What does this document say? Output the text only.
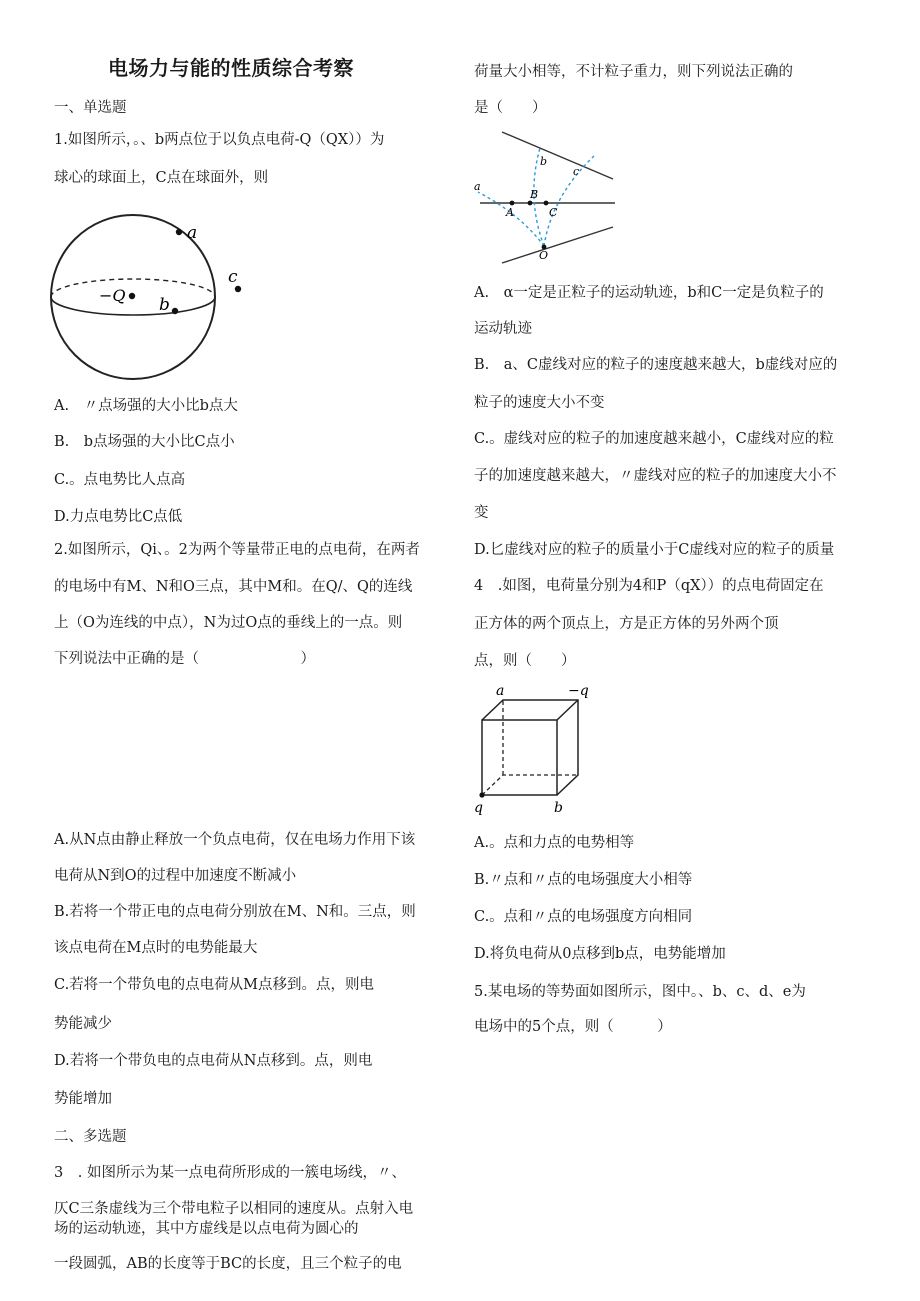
电场力与能的性质综合考察
一、单选题
1.如图所示，。、b两点位于以负点电荷-Q（QX））为
球心的球面上，C点在球面外，则
a
c
b
−Q
A.　〃点场强的大小比b点大
B.　b点场强的大小比C点小
C.。点电势比人点高
D.力点电势比C点低
2.如图所示，Qi、。2为两个等量带正电的点电荷，在两者
的电场中有M、N和O三点，其中M和。在Q/、Q的连线
上（O为连线的中点），N为过O点的垂线上的一点。则
下列说法中正确的是（　　　　　　　）
A.从N点由静止释放一个负点电荷，仅在电场力作用下该
电荷从N到O的过程中加速度不断减小
B.若将一个带正电的点电荷分别放在M、N和。三点，则
该点电荷在M点时的电势能最大
C.若将一个带负电的点电荷从M点移到。点，则电
势能减少
D.若将一个带负电的点电荷从N点移到。点，则电
势能增加
二、多选题
3　. 如图所示为某一点电荷所形成的一簇电场线，〃、
仄C三条虚线为三个带电粒子以相同的速度从。点射入电
场的运动轨迹，其中方虚线是以点电荷为圆心的
一段圆弧，AB的长度等于BC的长度，且三个粒子的电
荷量大小相等，不计粒子重力，则下列说法正确的
是（　　）
a
b
c
A
B
C
O
A.　α一定是正粒子的运动轨迹，b和C一定是负粒子的
运动轨迹
B.　a、C虚线对应的粒子的速度越来越大，b虚线对应的
粒子的速度大小不变
C.。虚线对应的粒子的加速度越来越小，C虚线对应的粒
子的加速度越来越大，〃虚线对应的粒子的加速度大小不
变
D.匕虚线对应的粒子的质量小于C虚线对应的粒子的质量
4　.如图，电荷量分别为4和P（qX））的点电荷固定在
正方体的两个顶点上，方是正方体的另外两个顶
点，则（　　）
a	−q
q	b
A.。点和力点的电势相等
B.〃点和〃点的电场强度大小相等
C.。点和〃点的电场强度方向相同
D.将负电荷从0点移到b点，电势能增加
5.某电场的等势面如图所示，图中。、b、c、d、e为
电场中的5个点，则（　　　）
